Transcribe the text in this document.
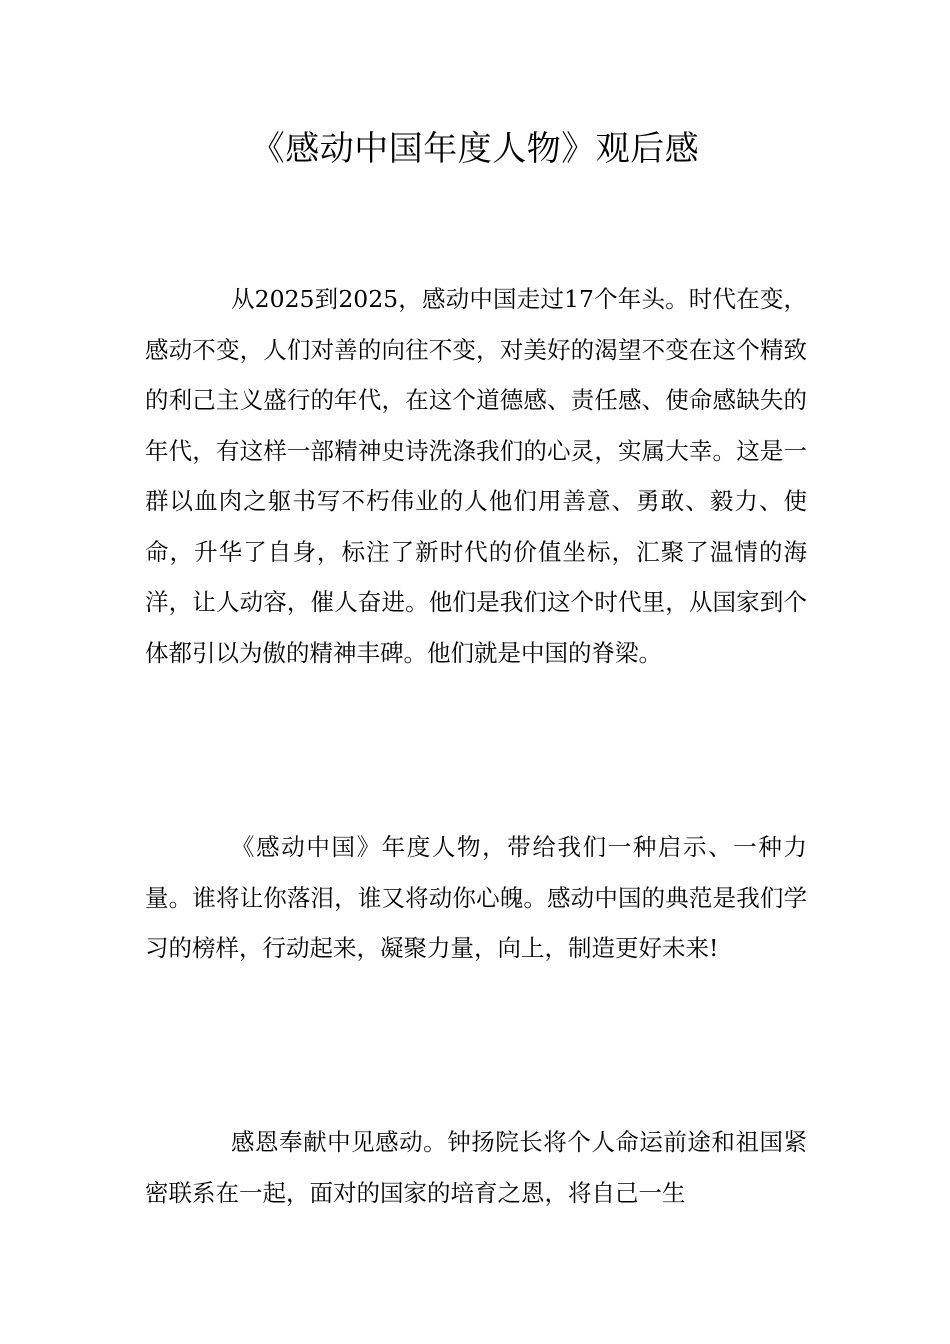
《感动中国年度人物》观后感

从2025到2025，感动中国走过17个年头。时代在变，感动不变，人们对善的向往不变，对美好的渴望不变在这个精致的利己主义盛行的年代，在这个道德感、责任感、使命感缺失的年代，有这样一部精神史诗洗涤我们的心灵，实属大幸。这是一群以血肉之躯书写不朽伟业的人他们用善意、勇敢、毅力、使命，升华了自身，标注了新时代的价值坐标，汇聚了温情的海洋，让人动容，催人奋进。他们是我们这个时代里，从国家到个体都引以为傲的精神丰碑。他们就是中国的脊梁。

《感动中国》年度人物，带给我们一种启示、一种力量。谁将让你落泪，谁又将动你心魄。感动中国的典范是我们学习的榜样，行动起来，凝聚力量，向上，制造更好未来!

感恩奉献中见感动。钟扬院长将个人命运前途和祖国紧密联系在一起，面对的国家的培育之恩，将自己一生
